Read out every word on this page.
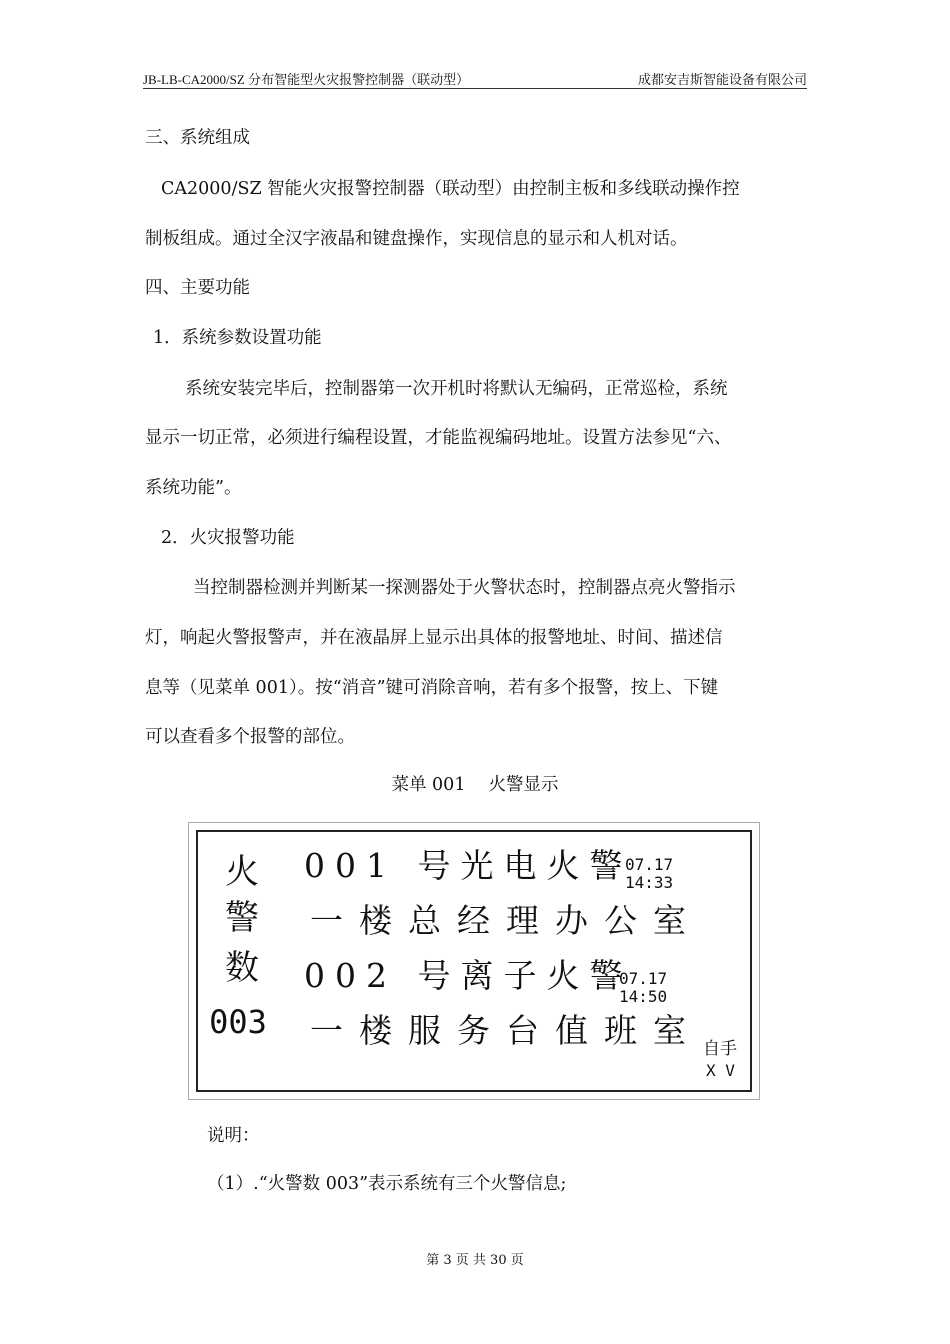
JB-LB-CA2000/SZ 分布智能型火灾报警控制器（联动型）	成都安吉斯智能设备有限公司
三、系统组成
CA2000/SZ 智能火灾报警控制器（联动型）由控制主板和多线联动操作控
制板组成。通过全汉字液晶和键盘操作，实现信息的显示和人机对话。
四、主要功能
1．系统参数设置功能
系统安装完毕后，控制器第一次开机时将默认无编码，正常巡检，系统
显示一切正常，必须进行编程设置，才能监视编码地址。设置方法参见“六、
系统功能”。
2．火灾报警功能
当控制器检测并判断某一探测器处于火警状态时，控制器点亮火警指示
灯，响起火警报警声，并在液晶屏上显示出具体的报警地址、时间、描述信
息等（见菜单 001）。按“消音”键可消除音响，若有多个报警，按上、下键
可以查看多个报警的部位。
菜单 001　 火警显示
火
警
数
003
001 号光电火警
07.17
14:33
一楼总经理办公室
002 号离子火警
07.17
14:50
一楼服务台值班室 自手
X V
说明：
（1）.“火警数 003”表示系统有三个火警信息;
第 3 页 共 30 页
